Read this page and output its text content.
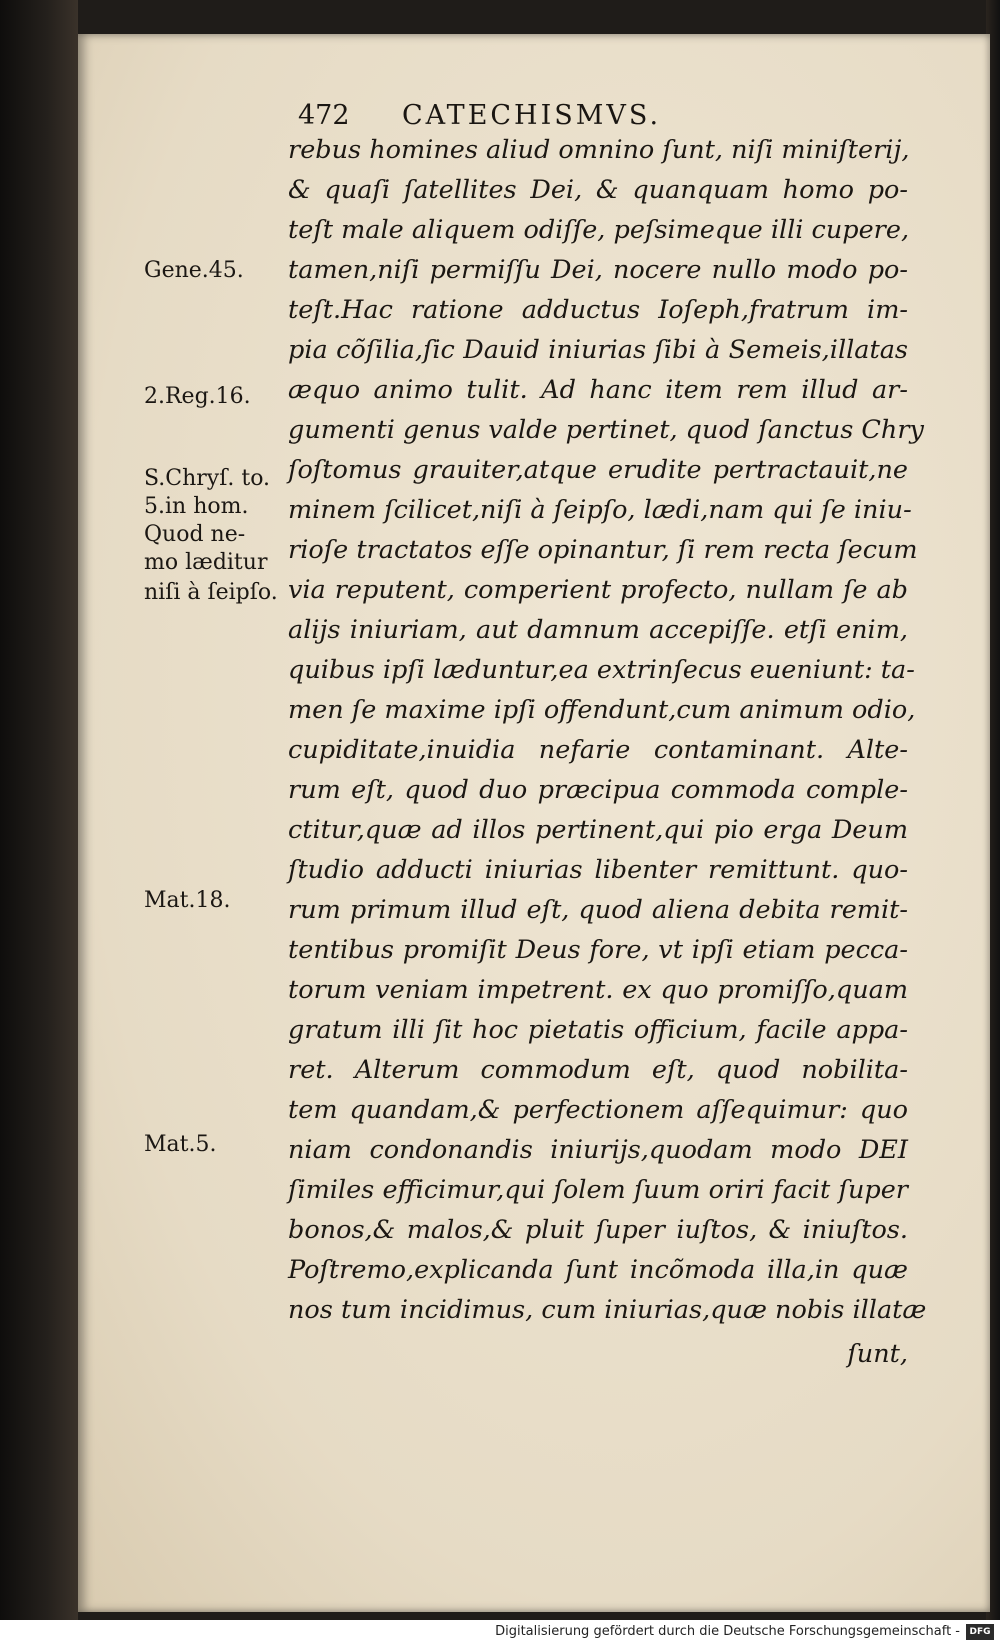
472 CATECHISMVS.
Gene.45.
2.Reg.16.
S.Chryſ. to.
5.in hom.
Quod ne-
mo læditur
niſi à ſeipſo.
Mat.18.
Mat.5.
rebus homines aliud omnino ſunt, niſi miniſterij,
& quaſi ſatellites Dei, & quanquam homo po-
teſt male aliquem odiſſe, peſsimeque illi cupere,
tamen,niſi permiſſu Dei, nocere nullo modo po-
teſt.Hac ratione adductus Ioſeph,fratrum im-
pia cõſilia,ſic Dauid iniurias ſibi à Semeis,illatas
æquo animo tulit. Ad hanc item rem illud ar-
gumenti genus valde pertinet, quod ſanctus Chry
ſoſtomus grauiter,atque erudite pertractauit,ne
minem ſcilicet,niſi à ſeipſo, lædi,nam qui ſe iniu-
rioſe tractatos eſſe opinantur, ſi rem recta ſecum
via reputent, comperient profecto, nullam ſe ab
alijs iniuriam, aut damnum accepiſſe. etſi enim,
quibus ipſi læduntur,ea extrinſecus eueniunt: ta-
men ſe maxime ipſi offendunt,cum animum odio,
cupiditate,inuidia nefarie contaminant. Alte-
rum eſt, quod duo præcipua commoda comple-
ctitur,quæ ad illos pertinent,qui pio erga Deum
ſtudio adducti iniurias libenter remittunt. quo-
rum primum illud eſt, quod aliena debita remit-
tentibus promiſit Deus fore, vt ipſi etiam pecca-
torum veniam impetrent. ex quo promiſſo,quam
gratum illi ſit hoc pietatis officium, facile appa-
ret. Alterum commodum eſt, quod nobilita-
tem quandam,& perfectionem aſſequimur: quo
niam condonandis iniurijs,quodam modo DEI
ſimiles efficimur,qui ſolem ſuum oriri facit ſuper
bonos,& malos,& pluit ſuper iuſtos, & iniuſtos.
Poſtremo,explicanda ſunt incõmoda illa,in quæ
nos tum incidimus, cum iniurias,quæ nobis illatæ
ſunt,
Digitalisierung gefördert durch die Deutsche Forschungsgemeinschaft -	DFG
